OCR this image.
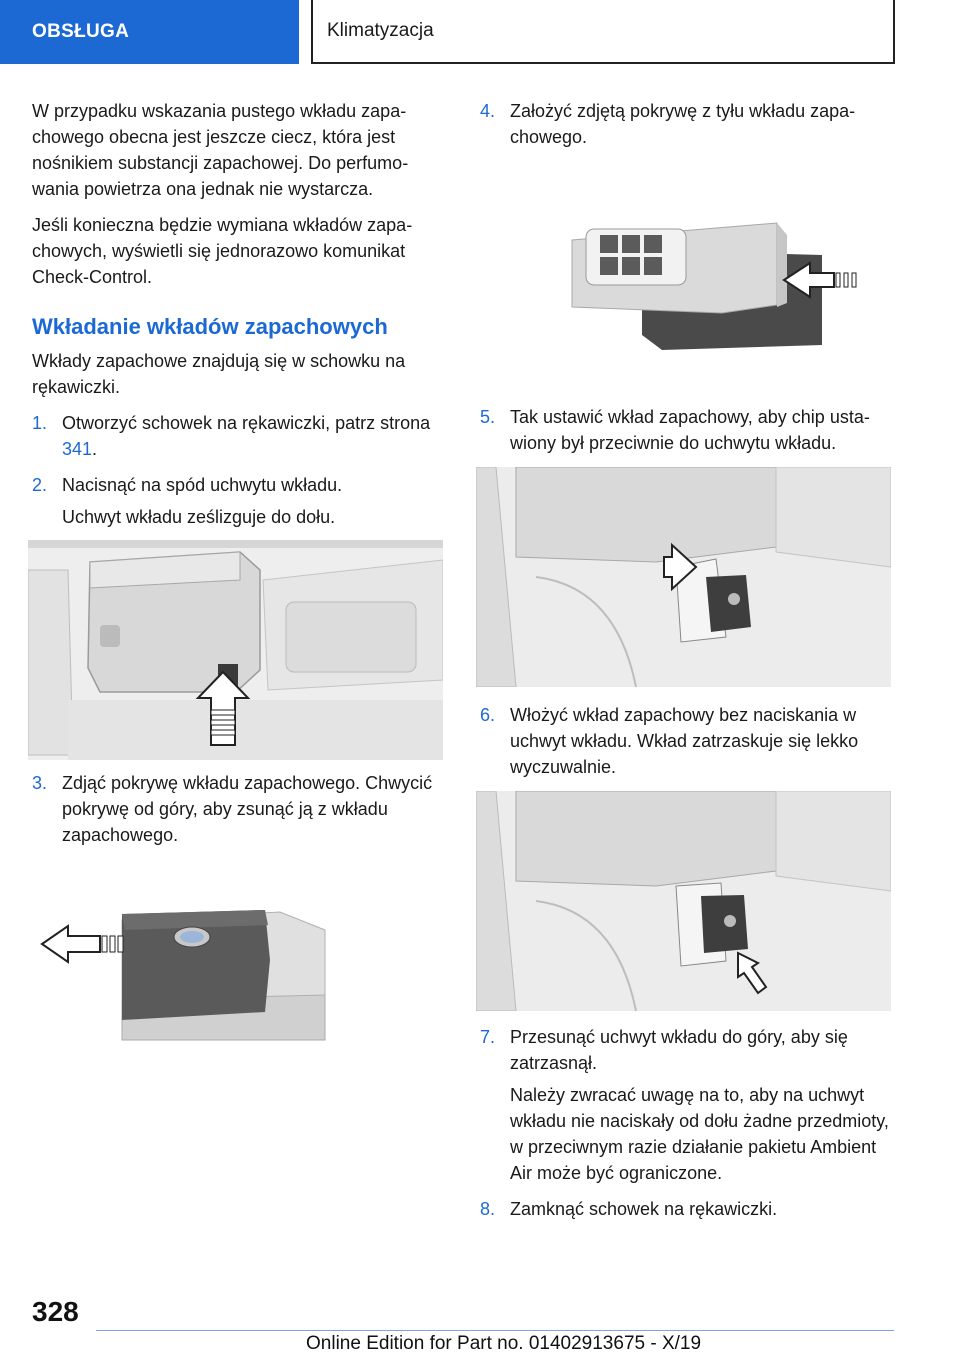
OBSŁUGA	Klimatyzacja

W przypadku wskazania pustego wkładu zapachowego obecna jest jeszcze ciecz, która jest nośnikiem substancji zapachowej. Do perfumowania powietrza ona jednak nie wystarcza.

Jeśli konieczna będzie wymiana wkładów zapachowych, wyświetli się jednorazowo komunikat Check-Control.

Wkładanie wkładów zapachowych

Wkłady zapachowe znajdują się w schowku na rękawiczki.

1. Otworzyć schowek na rękawiczki, patrz strona 341.

2. Nacisnąć na spód uchwytu wkładu.

Uchwyt wkładu ześlizguje do dołu.

3. Zdjąć pokrywę wkładu zapachowego. Chwycić pokrywę od góry, aby zsunąć ją z wkładu zapachowego.

4. Założyć zdjętą pokrywę z tyłu wkładu zapachowego.

5. Tak ustawić wkład zapachowy, aby chip ustawiony był przeciwnie do uchwytu wkładu.

6. Włożyć wkład zapachowy bez naciskania w uchwyt wkładu. Wkład zatrzaskuje się lekko wyczuwalnie.

7. Przesunąć uchwyt wkładu do góry, aby się zatrzasnął.

Należy zwracać uwagę na to, aby na uchwyt wkładu nie naciskały od dołu żadne przedmioty, w przeciwnym razie działanie pakietu Ambient Air może być ograniczone.

8. Zamknąć schowek na rękawiczki.

328
Online Edition for Part no. 01402913675 - X/19
